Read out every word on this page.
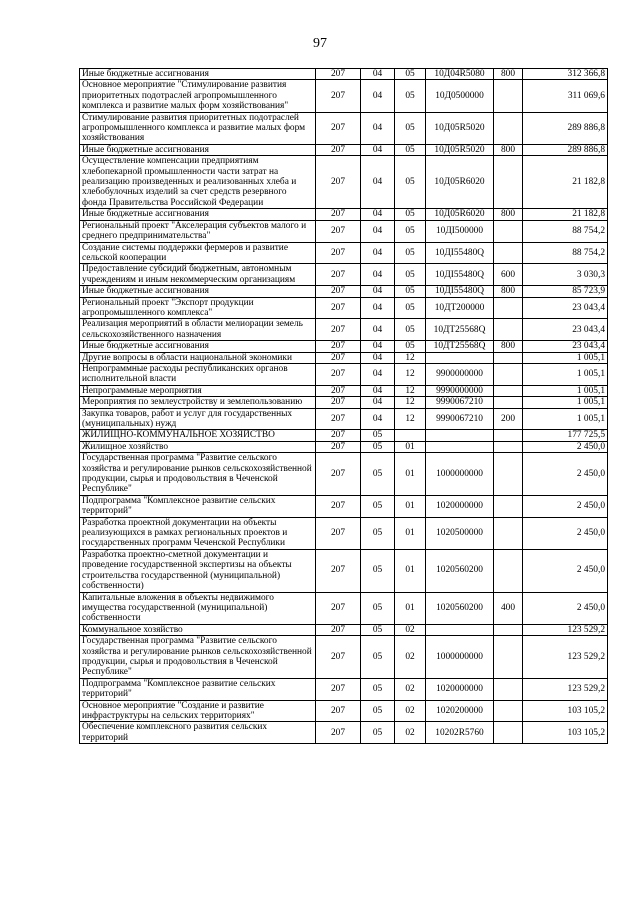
97
Иные бюджетные ассигнования	207	04	05	10Д04R5080	800	312 366,8
Основное мероприятие "Стимулирование развития приоритетных подотраслей агропромышленного комплекса и развитие малых форм хозяйствования"	207	04	05	10Д0500000		311 069,6
Стимулирование развития приоритетных подотраслей агропромышленного комплекса и развитие малых форм хозяйствования	207	04	05	10Д05R5020		289 886,8
Иные бюджетные ассигнования	207	04	05	10Д05R5020	800	289 886,8
Осуществление компенсации предприятиям хлебопекарной промышленности части затрат на реализацию произведенных и реализованных хлеба и хлебобулочных изделий за счет средств резервного фонда Правительства Российской Федерации	207	04	05	10Д05R6020		21 182,8
Иные бюджетные ассигнования	207	04	05	10Д05R6020	800	21 182,8
Региональный проект "Акселерация субъектов малого и среднего предпринимательства"	207	04	05	10ДI500000		88 754,2
Создание системы поддержки фермеров и развитие сельской кооперации	207	04	05	10ДI55480Q		88 754,2
Предоставление субсидий бюджетным, автономным учреждениям и иным некоммерческим организациям	207	04	05	10ДI55480Q	600	3 030,3
Иные бюджетные ассигнования	207	04	05	10ДI55480Q	800	85 723,9
Региональный проект "Экспорт продукции агропромышленного комплекса"	207	04	05	10ДТ200000		23 043,4
Реализация мероприятий в области мелиорации земель сельскохозяйственного назначения	207	04	05	10ДТ25568Q		23 043,4
Иные бюджетные ассигнования	207	04	05	10ДТ25568Q	800	23 043,4
Другие вопросы в области национальной экономики	207	04	12			1 005,1
Непрограммные расходы республиканских органов исполнительной власти	207	04	12	9900000000		1 005,1
Непрограммные мероприятия	207	04	12	9990000000		1 005,1
Мероприятия по землеустройству и землепользованию	207	04	12	9990067210		1 005,1
Закупка товаров, работ и услуг для государственных (муниципальных) нужд	207	04	12	9990067210	200	1 005,1
ЖИЛИЩНО-КОММУНАЛЬНОЕ ХОЗЯЙСТВО	207	05				177 725,5
Жилищное хозяйство	207	05	01			2 450,0
Государственная программа "Развитие сельского хозяйства и регулирование рынков сельскохозяйственной продукции, сырья и продовольствия в Чеченской Республике"	207	05	01	1000000000		2 450,0
Подпрограмма "Комплексное развитие сельских территорий"	207	05	01	1020000000		2 450,0
Разработка проектной документации на объекты реализующихся в рамках региональных проектов и государственных программ Чеченской Республики	207	05	01	1020500000		2 450,0
Разработка проектно-сметной документации и проведение государственной экспертизы на объекты строительства государственной (муниципальной) собственности)	207	05	01	1020560200		2 450,0
Капитальные вложения в объекты недвижимого имущества государственной (муниципальной) собственности	207	05	01	1020560200	400	2 450,0
Коммунальное хозяйство	207	05	02			123 529,2
Государственная программа "Развитие сельского хозяйства и регулирование рынков сельскохозяйственной продукции, сырья и продовольствия в Чеченской Республике"	207	05	02	1000000000		123 529,2
Подпрограмма "Комплексное развитие сельских территорий"	207	05	02	1020000000		123 529,2
Основное мероприятие "Создание и развитие инфраструктуры на сельских территориях"	207	05	02	1020200000		103 105,2
Обеспечение комплексного развития сельских территорий	207	05	02	10202R5760		103 105,2
